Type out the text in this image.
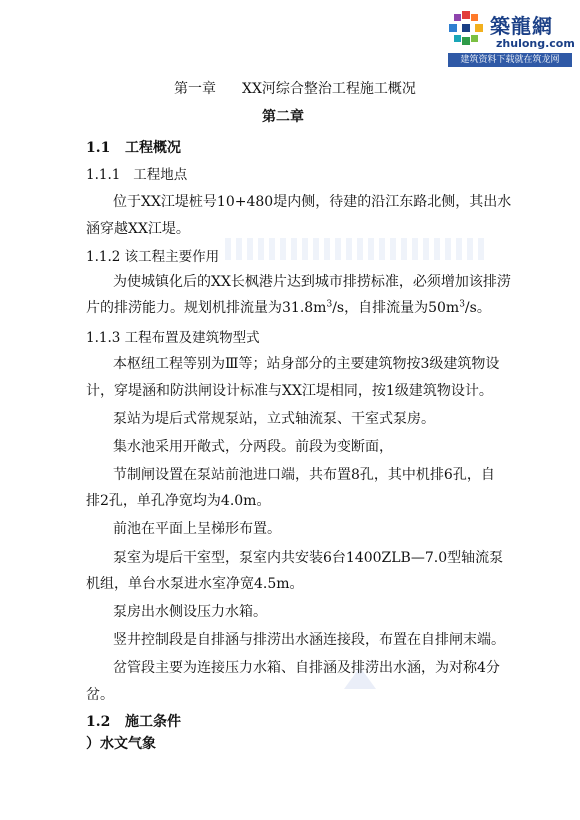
築龍網
zhulong.com
建筑资料下载就在筑龙网
第一章 XX河综合整治工程施工概况
第二章
1.1 工程概况
1.1.1 工程地点
位于XX江堤桩号10+480堤内侧，待建的沿江东路北侧，其出水
涵穿越XX江堤。
1.1.2 该工程主要作用
为使城镇化后的XX长枫港片达到城市排捞标准，必须增加该排涝
片的排涝能力。规划机排流量为$31.8m^3/s$，自排流量为$50m^3/s$。
1.1.3 工程布置及建筑物型式
本枢纽工程等别为Ⅲ等；站身部分的主要建筑物按3级建筑物设
计，穿堤涵和防洪闸设计标准与XX江堤相同，按1级建筑物设计。
泵站为堤后式常规泵站，立式轴流泵、干室式泵房。
集水池采用开敞式，分两段。前段为变断面，
节制闸设置在泵站前池进口端，共布置8孔，其中机排6孔，自
排2孔，单孔净宽均为4.0m。
前池在平面上呈梯形布置。
泵室为堤后干室型，泵室内共安装6台1400ZLB—7.0型轴流泵
机组，单台水泵进水室净宽4.5m。
泵房出水侧设压力水箱。
竖井控制段是自排涵与排涝出水涵连接段，布置在自排闸末端。
岔管段主要为连接压力水箱、自排涵及排涝出水涵，为对称4分
岔。
1.2 施工条件
）水文气象
